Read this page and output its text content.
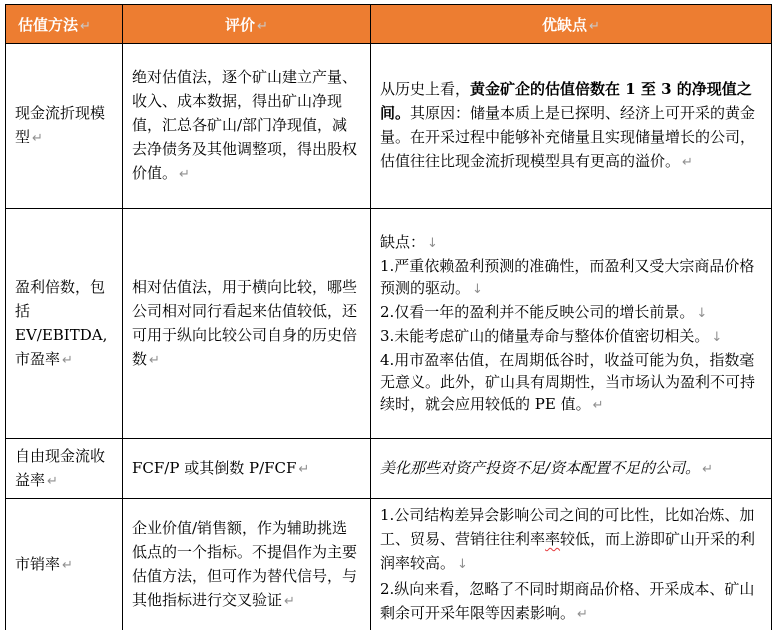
估值方法 ↵	评价 ↵	优缺点 ↵

现金流折现模型 ↵	绝对估值法，逐个矿山建立产量、收入、成本数据，得出矿山净现值，汇总各矿山/部门净现值，减去净债务及其他调整项，得出股权价值。 ↵	从历史上看，黄金矿企的估值倍数在 1 至 3 的净现值之间。其原因：储量本质上是已探明、经济上可开采的黄金量。在开采过程中能够补充储量且实现储量增长的公司，估值往往比现金流折现模型具有更高的溢价。 ↵

盈利倍数，包括 EV/EBITDA, 市盈率 ↵	相对估值法，用于横向比较，哪些公司相对同行看起来估值较低，还可用于纵向比较公司自身的历史倍数 ↵	缺点： ↓

1.严重依赖盈利预测的准确性，而盈利又受大宗商品价格预测的驱动。 ↓

2.仅看一年的盈利并不能反映公司的增长前景。 ↓

3.未能考虑矿山的储量寿命与整体价值密切相关。 ↓

4.用市盈率估值，在周期低谷时，收益可能为负，指数毫无意义。此外，矿山具有周期性，当市场认为盈利不可持续时，就会应用较低的 PE 值。 ↵

自由现金流收益率 ↵	FCF/P 或其倒数 P/FCF ↵	美化那些对资产投资不足/资本配置不足的公司。 ↵

市销率 ↵	企业价值/销售额，作为辅助挑选低点的一个指标。不提倡作为主要估值方法，但可作为替代信号，与其他指标进行交叉验证 ↵	1.公司结构差异会影响公司之间的可比性，比如冶炼、加工、贸易、营销往往利率率较低，而上游即矿山开采的利润率较高。 ↓

2.纵向来看，忽略了不同时期商品价格、开采成本、矿山剩余可开采年限等因素影响。 ↵
